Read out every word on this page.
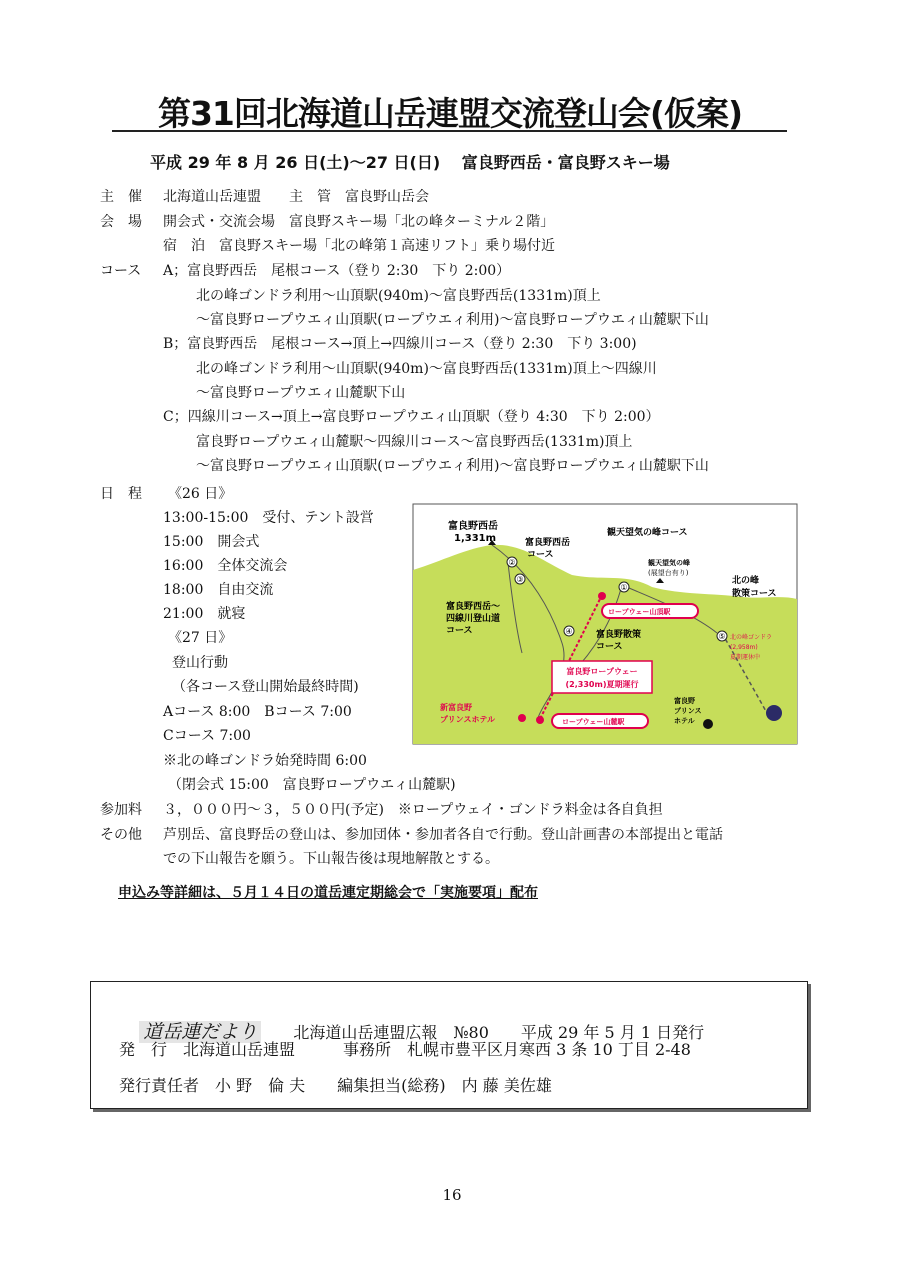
第31回北海道山岳連盟交流登山会(仮案)
平成 29 年 8 月 26 日(土)～27 日(日)　 富良野西岳・富良野スキー場
主　催 北海道山岳連盟　　主　管　富良野山岳会
会　場 開会式・交流会場　富良野スキー場「北の峰ターミナル２階」
宿　泊　富良野スキー場「北の峰第１高速リフト」乗り場付近
コース A；富良野西岳　尾根コース（登り 2:30　下り 2:00）
北の峰ゴンドラ利用～山頂駅(940m)～富良野西岳(1331m)頂上
～富良野ロープウエィ山頂駅(ロープウエィ利用)～富良野ロープウエィ山麓駅下山
B；富良野西岳　尾根コース→頂上→四線川コース（登り 2:30　下り 3:00)
北の峰ゴンドラ利用～山頂駅(940m)～富良野西岳(1331m)頂上～四線川
～富良野ロープウエィ山麓駅下山
C；四線川コース→頂上→富良野ロープウエィ山頂駅（登り 4:30　下り 2:00）
富良野ロープウエィ山麓駅～四線川コース～富良野西岳(1331m)頂上
～富良野ロープウエィ山頂駅(ロープウエィ利用)～富良野ロープウエィ山麓駅下山
日　程 《26 日》
13:00-15:00　受付、テント設営
15:00　開会式
16:00　全体交流会
18:00　自由交流
21:00　就寝
《27 日》
登山行動
（各コース登山開始最終時間)
Aコース 8:00　Bコース 7:00
Cコース 7:00
※北の峰ゴンドラ始発時間 6:00
（閉会式 15:00　富良野ロープウエィ山麓駅)
参加料 ３，０００円～３，５００円(予定)　※ロープウェイ・ゴンドラ料金は各自負担
その他 芦別岳、富良野岳の登山は、参加団体・参加者各自で行動。登山計画書の本部提出と電話
での下山報告を願う。下山報告後は現地解散とする。
申込み等詳細は、５月１４日の道岳連定期総会で「実施要項」配布
①
②
③
④
⑤
富良野西岳
1,331m	富良野西岳
コース
観天望気の峰コース
観天望気の峰
(展望台有り)
北の峰
散策コース
ロープウェー山頂駅
富良野西岳～
四線川登山道
コース	富良野散策
コース
富良野ロープウェー
(2,330m)夏期運行
北の峰ゴンドラ
(2,958m)
夏期運休中
新富良野
プリンスホテル	ロープウェー山麓駅
富良野
プリンス
ホテル

道岳連だより　　 北海道山岳連盟広報　№80　　平成 29 年 5 月 1 日発行

発　行　北海道山岳連盟　　　事務所　札幌市豊平区月寒西 3 条 10 丁目 2-48
発行責任者　小 野　倫 夫　　編集担当(総務)　内 藤 美佐雄
16
